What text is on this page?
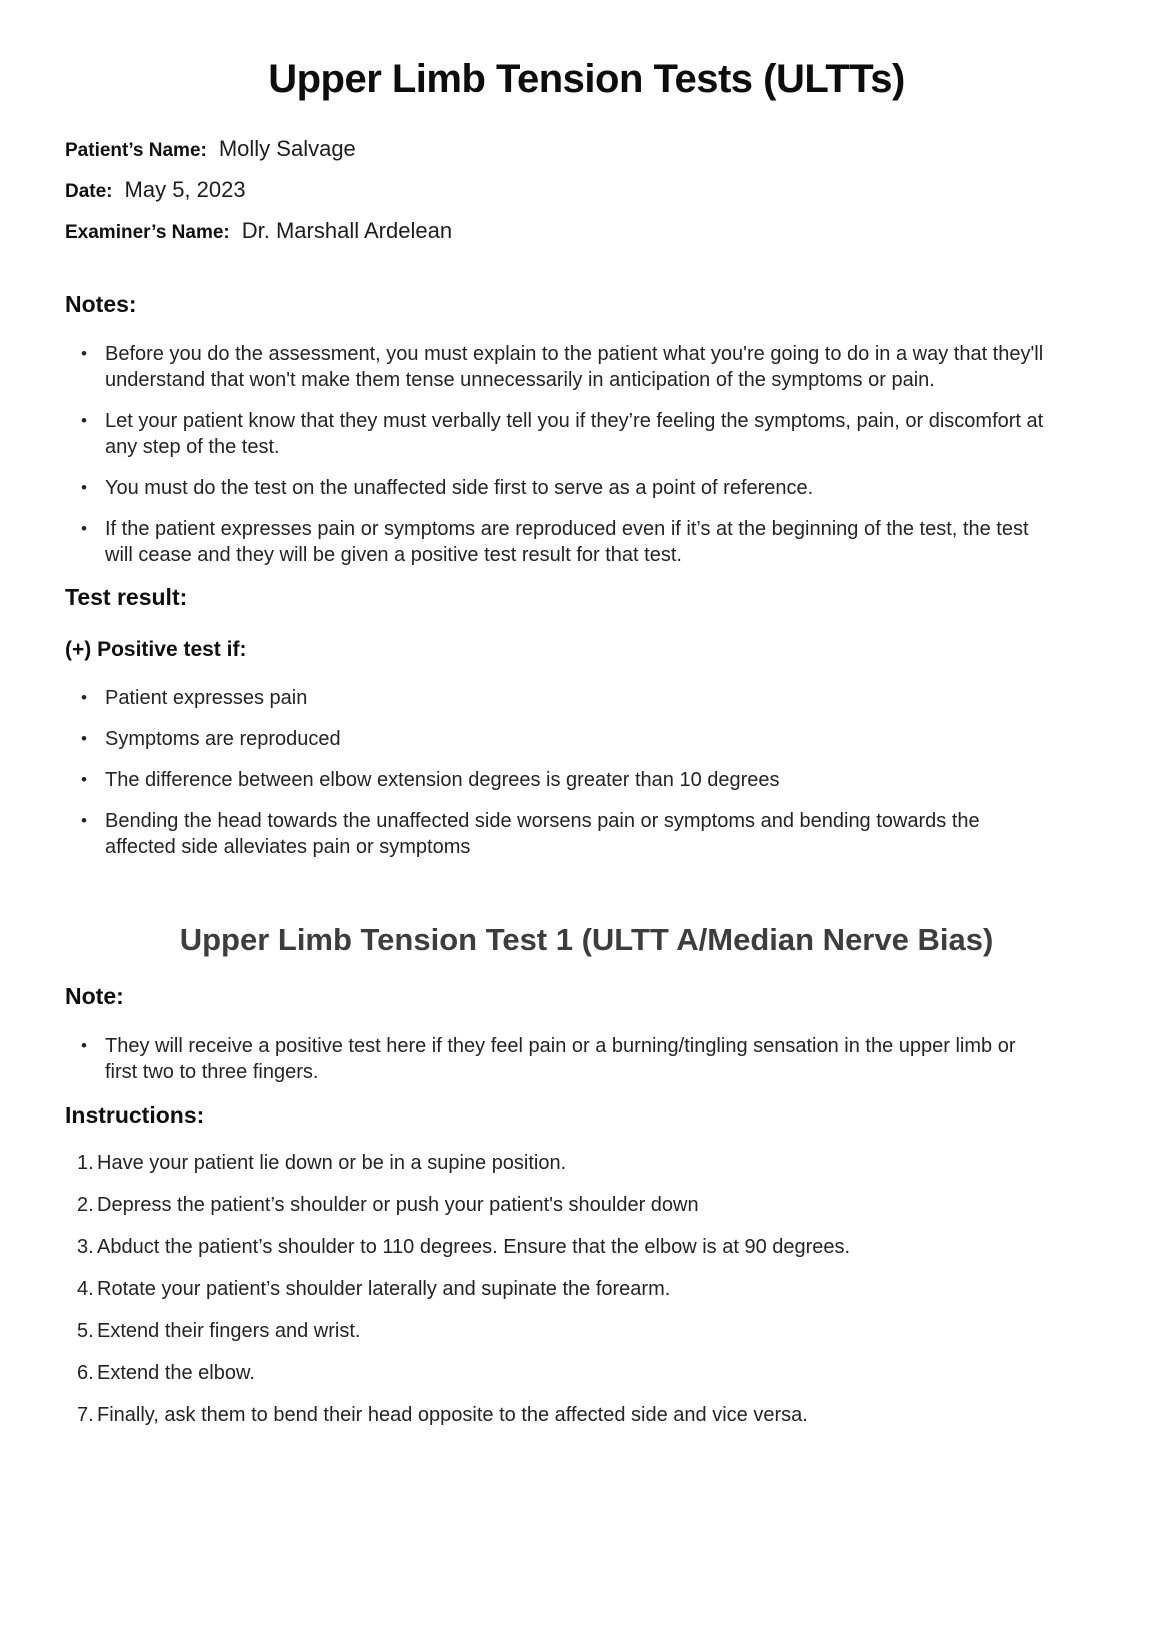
Upper Limb Tension Tests (ULTTs)
Patient’s Name: Molly Salvage
Date: May 5, 2023
Examiner’s Name: Dr. Marshall Ardelean
Notes:
• Before you do the assessment, you must explain to the patient what you're going to do in a way that they'll understand that won't make them tense unnecessarily in anticipation of the symptoms or pain.
• Let your patient know that they must verbally tell you if they’re feeling the symptoms, pain, or discomfort at any step of the test.
• You must do the test on the unaffected side first to serve as a point of reference.
• If the patient expresses pain or symptoms are reproduced even if it’s at the beginning of the test, the test will cease and they will be given a positive test result for that test.
Test result:
(+) Positive test if:
• Patient expresses pain
• Symptoms are reproduced
• The difference between elbow extension degrees is greater than 10 degrees
• Bending the head towards the unaffected side worsens pain or symptoms and bending towards the affected side alleviates pain or symptoms
Upper Limb Tension Test 1 (ULTT A/Median Nerve Bias)
Note:
• They will receive a positive test here if they feel pain or a burning/tingling sensation in the upper limb or first two to three fingers.
Instructions:
1. Have your patient lie down or be in a supine position.
2. Depress the patient’s shoulder or push your patient's shoulder down
3. Abduct the patient’s shoulder to 110 degrees. Ensure that the elbow is at 90 degrees.
4. Rotate your patient’s shoulder laterally and supinate the forearm.
5. Extend their fingers and wrist.
6. Extend the elbow.
7. Finally, ask them to bend their head opposite to the affected side and vice versa.
